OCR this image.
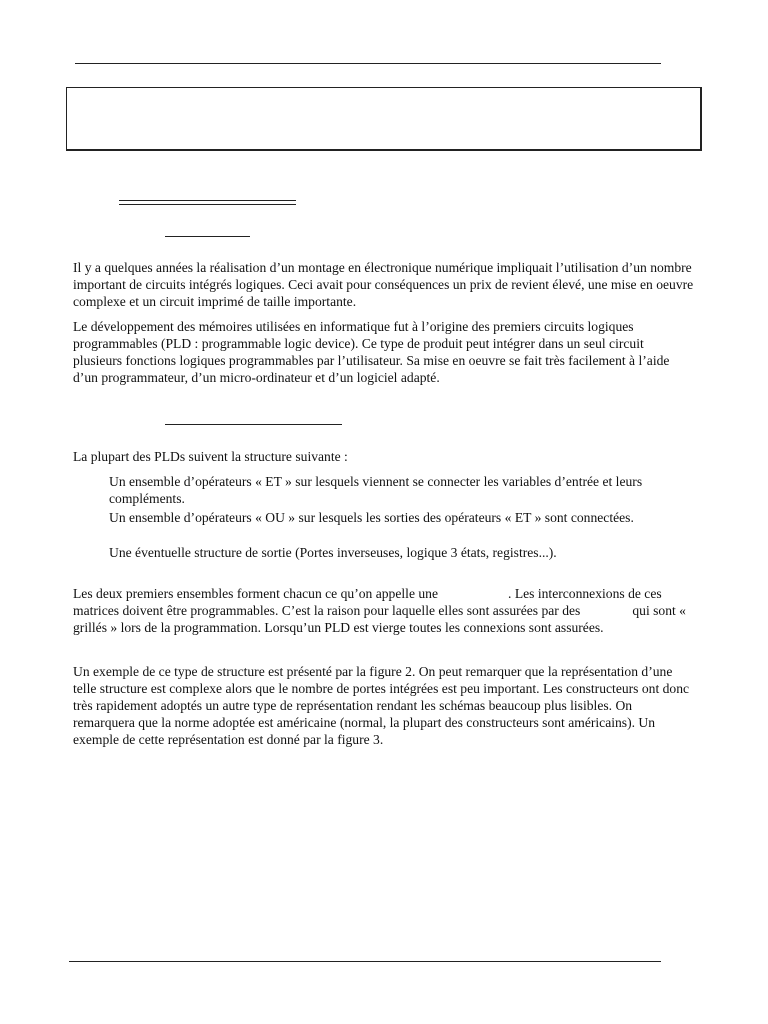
Il y a quelques années la réalisation d’un montage en électronique numérique impliquait l’utilisation d’un nombre important de circuits intégrés logiques. Ceci avait pour conséquences un prix de revient élevé, une mise en oeuvre complexe et un circuit imprimé de taille importante.

Le développement des mémoires utilisées en informatique fut à l’origine des premiers circuits logiques programmables (PLD : programmable logic device). Ce type de produit peut intégrer dans un seul circuit plusieurs fonctions logiques programmables par l’utilisateur. Sa mise en oeuvre se fait très facilement à l’aide d’un programmateur, d’un micro-ordinateur et d’un logiciel adapté.

La plupart des PLDs suivent la structure suivante :

Un ensemble d’opérateurs « ET » sur lesquels viennent se connecter les variables d’entrée et leurs compléments.

Un ensemble d’opérateurs « OU » sur lesquels les sorties des opérateurs « ET » sont connectées.

Une éventuelle structure de sortie (Portes inverseuses, logique 3 états, registres...).

Les deux premiers ensembles forment chacun ce qu’on appelle une	. Les interconnexions de ces matrices doivent être programmables. C’est la raison pour laquelle elles sont assurées par des	qui sont « grillés » lors de la programmation. Lorsqu’un PLD est vierge toutes les connexions sont assurées.

Un exemple de ce type de structure est présenté par la figure 2. On peut remarquer que la représentation d’une telle structure est complexe alors que le nombre de portes intégrées est peu important. Les constructeurs ont donc très rapidement adoptés un autre type de représentation rendant les schémas beaucoup plus lisibles. On remarquera que la norme adoptée est américaine (normal, la plupart des constructeurs sont américains). Un exemple de cette représentation est donné par la figure 3.
